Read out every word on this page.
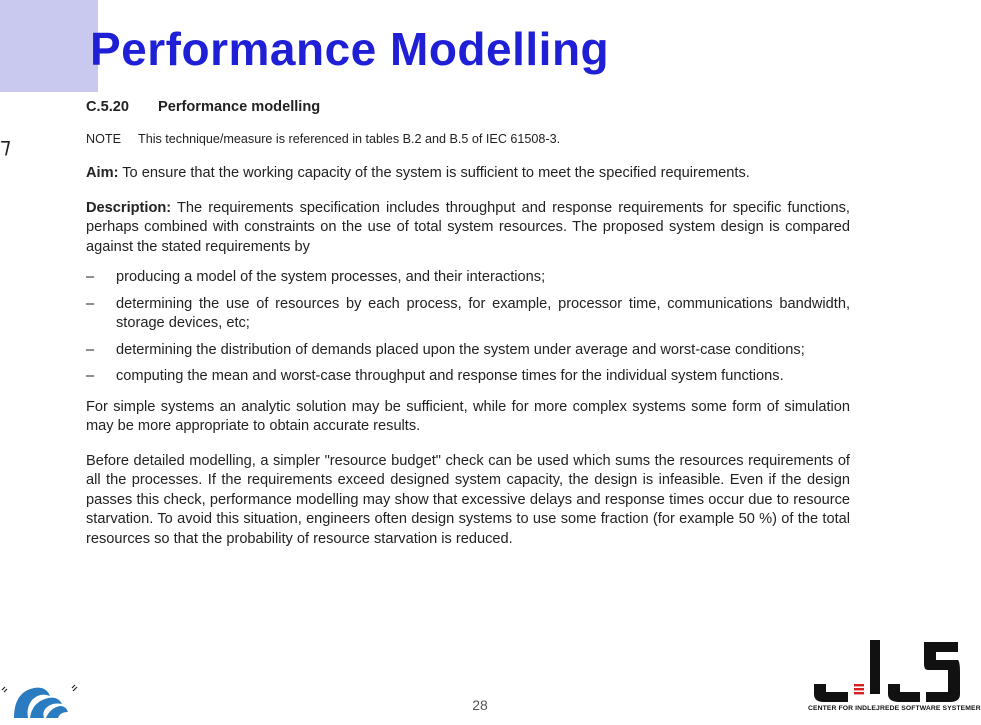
⁊
Performance Modelling
C.5.20 Performance modelling
NOTE This technique/measure is referenced in tables B.2 and B.5 of IEC 61508-3.

Aim: To ensure that the working capacity of the system is sufficient to meet the specified requirements.

Description: The requirements specification includes throughput and response requirements for specific functions, perhaps combined with constraints on the use of total system resources. The proposed system design is compared against the stated requirements by

– producing a model of the system processes, and their interactions;
– determining the use of resources by each process, for example, processor time, communications bandwidth, storage devices, etc;
– determining the distribution of demands placed upon the system under average and worst-case conditions;
– computing the mean and worst-case throughput and response times for the individual system functions.

For simple systems an analytic solution may be sufficient, while for more complex systems some form of simulation may be more appropriate to obtain accurate results.

Before detailed modelling, a simpler "resource budget" check can be used which sums the resources requirements of all the processes. If the requirements exceed designed system capacity, the design is infeasible. Even if the design passes this check, performance modelling may show that excessive delays and response times occur due to resource starvation. To avoid this situation, engineers often design systems to use some fraction (for example 50 %) of the total resources so that the probability of resource starvation is reduced.

CENTER FOR INDLEJREDE SOFTWARE SYSTEMER
28
